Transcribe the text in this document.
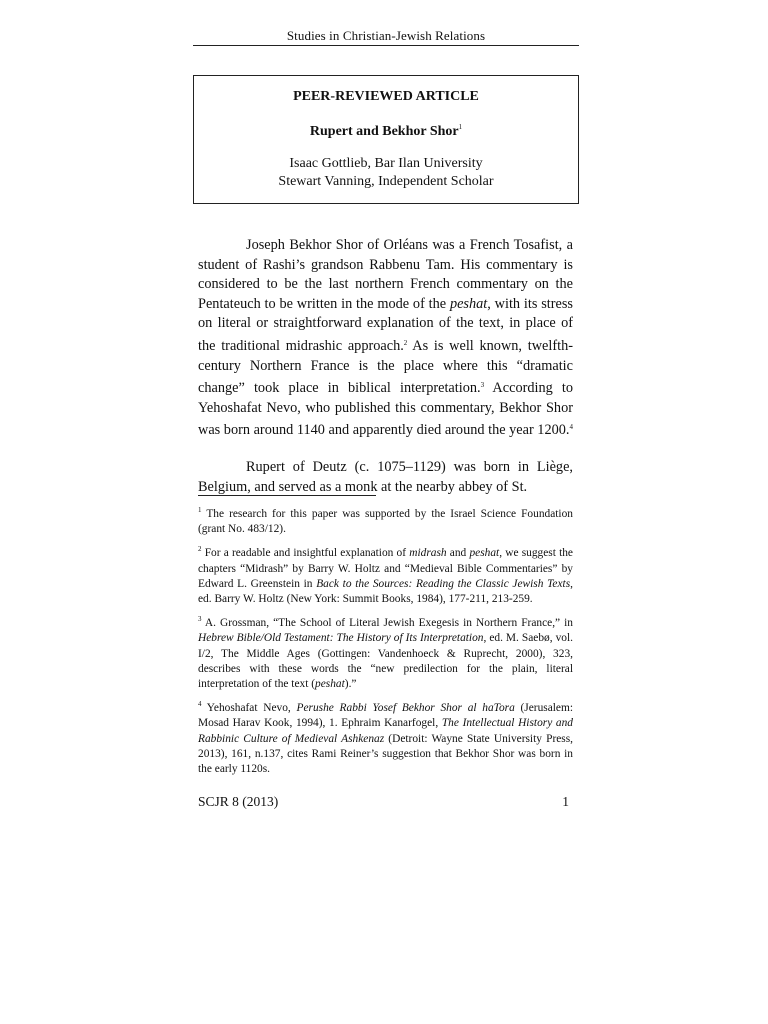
Studies in Christian-Jewish Relations
PEER-REVIEWED ARTICLE
Rupert and Bekhor Shor$^1$
Isaac Gottlieb, Bar Ilan University
Stewart Vanning, Independent Scholar

Joseph Bekhor Shor of Orléans was a French Tosafist, a student of Rashi’s grandson Rabbenu Tam. His commentary is considered to be the last northern French commentary on the Pentateuch to be written in the mode of the peshat, with its stress on literal or straightforward explanation of the text, in place of the traditional midrashic approach.$^2$ As is well known, twelfth-century Northern France is the place where this “dramatic change” took place in biblical interpretation.$^3$ According to Yehoshafat Nevo, who published this commentary, Bekhor Shor was born around 1140 and apparently died around the year 1200.$^4$

Rupert of Deutz (c. 1075–1129) was born in Liège, Belgium, and served as a monk at the nearby abbey of St.

$^1$ The research for this paper was supported by the Israel Science Foundation (grant No. 483/12).

$^2$ For a readable and insightful explanation of midrash and peshat, we suggest the chapters “Midrash” by Barry W. Holtz and “Medieval Bible Commentaries” by Edward L. Greenstein in Back to the Sources: Reading the Classic Jewish Texts, ed. Barry W. Holtz (New York: Summit Books, 1984), 177-211, 213-259.

$^3$ A. Grossman, “The School of Literal Jewish Exegesis in Northern France,” in Hebrew Bible/Old Testament: The History of Its Interpretation, ed. M. Saebø, vol. I/2, The Middle Ages (Gottingen: Vandenhoeck & Ruprecht, 2000), 323, describes with these words the “new predilection for the plain, literal interpretation of the text (peshat).”

$^4$ Yehoshafat Nevo, Perushe Rabbi Yosef Bekhor Shor al haTora (Jerusalem: Mosad Harav Kook, 1994), 1. Ephraim Kanarfogel, The Intellectual History and Rabbinic Culture of Medieval Ashkenaz (Detroit: Wayne State University Press, 2013), 161, n.137, cites Rami Reiner’s suggestion that Bekhor Shor was born in the early 1120s.

SCJR 8 (2013)	1
